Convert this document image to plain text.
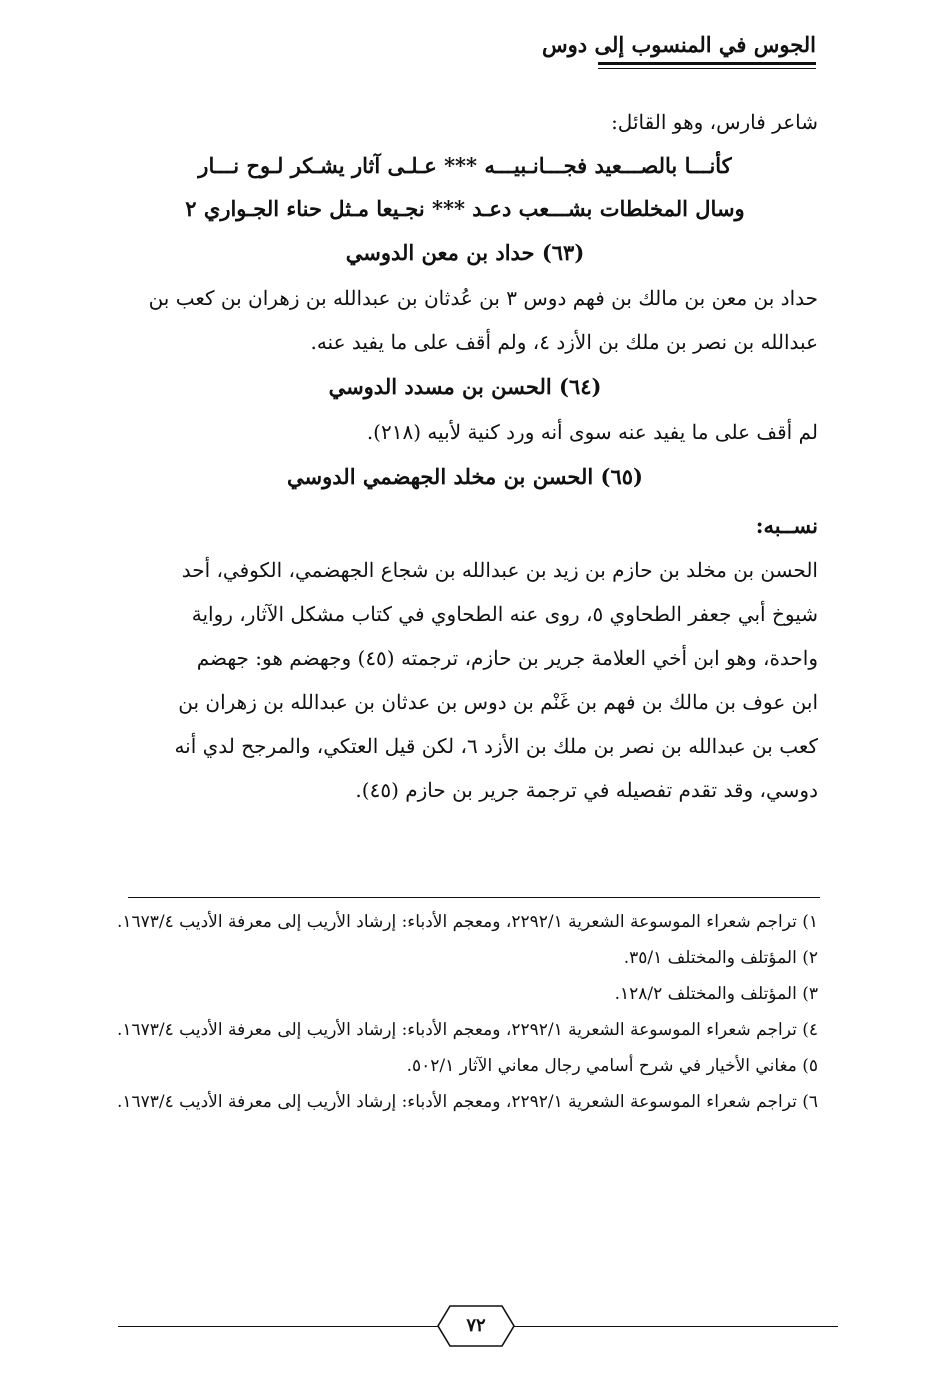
الجوس في المنسوب إلى دوس

شاعر فارس، وهو القائل:

كأنـــا بالصـــعيد فجـــانـبيـــه *** عـلـى آثار يشـكر لـوح نـــار

وسال المخلطات بشـــعب دعـد *** نجـيعا مـثل حناء الجـواري ٢

(٦٣) حداد بن معن الدوسي

حداد بن معن بن مالك بن فهم دوس ٣ بن عُدثان بن عبدالله بن زهران بن كعب بن

عبدالله بن نصر بن ملك بن الأزد ٤، ولم أقف على ما يفيد عنه.

(٦٤) الحسن بن مسدد الدوسي

لم أقف على ما يفيد عنه سوى أنه ورد كنية لأبيه (٢١٨).

(٦٥) الحسن بن مخلد الجهضمي الدوسي

نســبه:

الحسن بن مخلد بن حازم بن زيد بن عبدالله بن شجاع الجهضمي، الكوفي، أحد

شيوخ أبي جعفر الطحاوي ٥، روى عنه الطحاوي في كتاب مشكل الآثار، رواية

واحدة، وهو ابن أخي العلامة جرير بن حازم، ترجمته (٤٥) وجهضم هو: جهضم

ابن عوف بن مالك بن فهم بن غَنْم بن دوس بن عدثان بن عبدالله بن زهران بن

كعب بن عبدالله بن نصر بن ملك بن الأزد ٦، لكن قيل العتكي، والمرجح لدي أنه

دوسي، وقد تقدم تفصيله في ترجمة جرير بن حازم (٤٥).

١) تراجم شعراء الموسوعة الشعرية ٢٢٩٢/١، ومعجم الأدباء: إرشاد الأريب إلى معرفة الأديب ١٦٧٣/٤.

٢) المؤتلف والمختلف ٣٥/١.

٣) المؤتلف والمختلف ١٢٨/٢.

٤) تراجم شعراء الموسوعة الشعرية ٢٢٩٢/١، ومعجم الأدباء: إرشاد الأريب إلى معرفة الأديب ١٦٧٣/٤.

٥) مغاني الأخيار في شرح أسامي رجال معاني الآثار ٥٠٢/١.

٦) تراجم شعراء الموسوعة الشعرية ٢٢٩٢/١، ومعجم الأدباء: إرشاد الأريب إلى معرفة الأديب ١٦٧٣/٤.

٧٢
